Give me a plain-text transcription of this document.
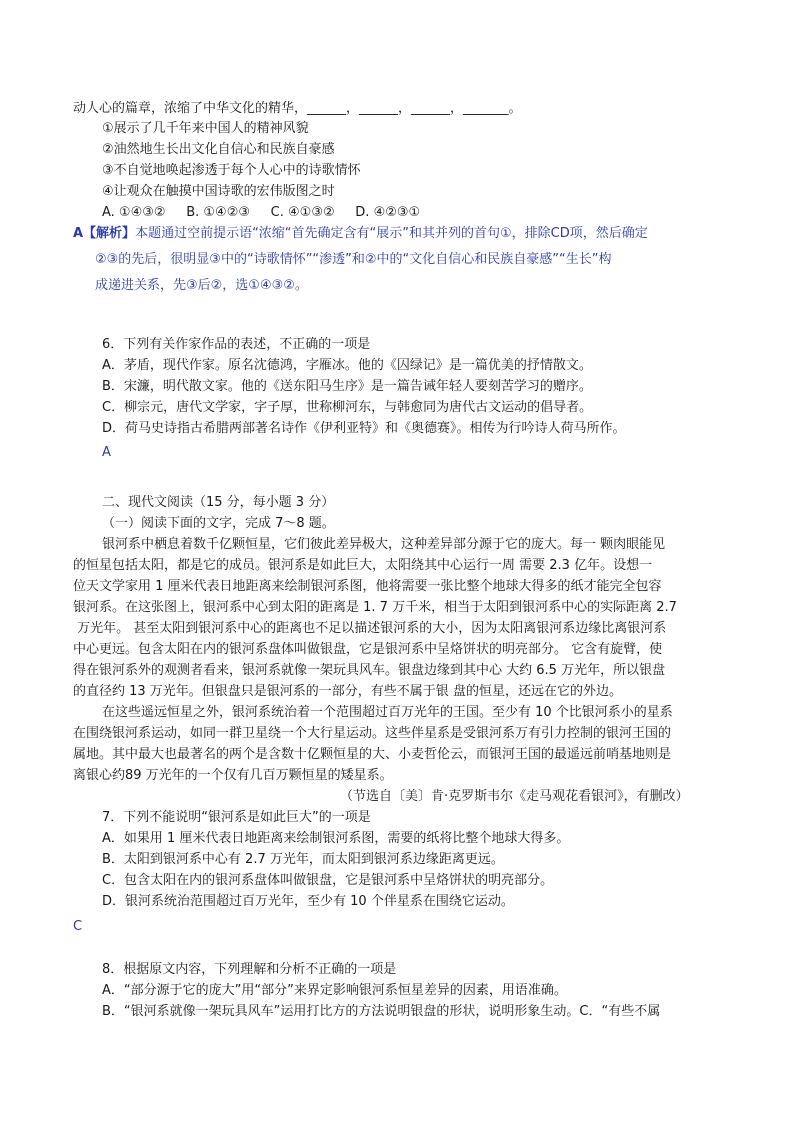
动人心的篇章，浓缩了中华文化的精华，______，______，______，_______。
①展示了几千年来中国人的精神风貌
②油然地生长出文化自信心和民族自豪感
③不自觉地唤起渗透于每个人心中的诗歌情怀
④让观众在触摸中国诗歌的宏伟版图之时
A. ①④③②     B. ①④②③     C. ④①③②     D. ④②③①
A【解析】本题通过空前提示语“浓缩“首先确定含有“展示”和其并列的首句①，排除CD项，然后确定
②③的先后，很明显③中的“诗歌情怀”“渗透”和②中的“文化自信心和民族自豪感”“生长”构
成递进关系，先③后②，选①④③②。
6．下列有关作家作品的表述，不正确的一项是
A．茅盾，现代作家。原名沈德鸿，字雁冰。他的《囚绿记》是一篇优美的抒情散文。
B．宋濂，明代散文家。他的《送东阳马生序》是一篇告诫年轻人要刻苦学习的赠序。
C．柳宗元，唐代文学家，字子厚，世称柳河东，与韩愈同为唐代古文运动的倡导者。
D．荷马史诗指古希腊两部著名诗作《伊利亚特》和《奥德赛》。相传为行吟诗人荷马所作。
A
二、现代文阅读（15 分，每小题 3 分）
（一）阅读下面的文字，完成 7～8 题。
银河系中栖息着数千亿颗恒星，它们彼此差异极大，这种差异部分源于它的庞大。每一 颗肉眼能见
的恒星包括太阳，都是它的成员。银河系是如此巨大，太阳绕其中心运行一周 需要 2.3 亿年。设想一
位天文学家用 1 厘米代表日地距离来绘制银河系图，他将需要一张比整个地球大得多的纸才能完全包容
银河系。在这张图上，银河系中心到太阳的距离是 1. 7 万千米，相当于太阳到银河系中心的实际距离 2.7
万光年。 甚至太阳到银河系中心的距离也不足以描述银河系的大小，因为太阳离银河系边缘比离银河系
中心更远。包含太阳在内的银河系盘体叫做银盘，它是银河系中呈烙饼状的明亮部分。 它含有旋臂，使
得在银河系外的观测者看来，银河系就像一架玩具风车。银盘边缘到其中心 大约 6.5 万光年，所以银盘
的直径约 13 万光年。但银盘只是银河系的一部分，有些不属于银 盘的恒星，还远在它的外边。
在这些遥远恒星之外，银河系统治着一个范围超过百万光年的王国。至少有 10 个比银河系小的星系
在围绕银河系运动，如同一群卫星绕一个大行星运动。这些伴星系是受银河系万有引力控制的银河王国的
属地。其中最大也最著名的两个是含数十亿颗恒星的大、小麦哲伦云，而银河王国的最遥远前哨基地则是
离银心约89 万光年的一个仅有几百万颗恒星的矮星系。
（节选自〔美〕肯·克罗斯韦尔《走马观花看银河》，有删改）
7．下列不能说明“银河系是如此巨大”的一项是
A．如果用 1 厘米代表日地距离来绘制银河系图，需要的纸将比整个地球大得多。
B．太阳到银河系中心有 2.7 万光年，而太阳到银河系边缘距离更远。
C．包含太阳在内的银河系盘体叫做银盘，它是银河系中呈烙饼状的明亮部分。
D．银河系统治范围超过百万光年，至少有 10 个伴星系在围绕它运动。
C
8．根据原文内容，下列理解和分析不正确的一项是
A．“部分源于它的庞大”用“部分”来界定影响银河系恒星差异的因素，用语准确。
B．“银河系就像一架玩具风车”运用打比方的方法说明银盘的形状，说明形象生动。C．“有些不属
